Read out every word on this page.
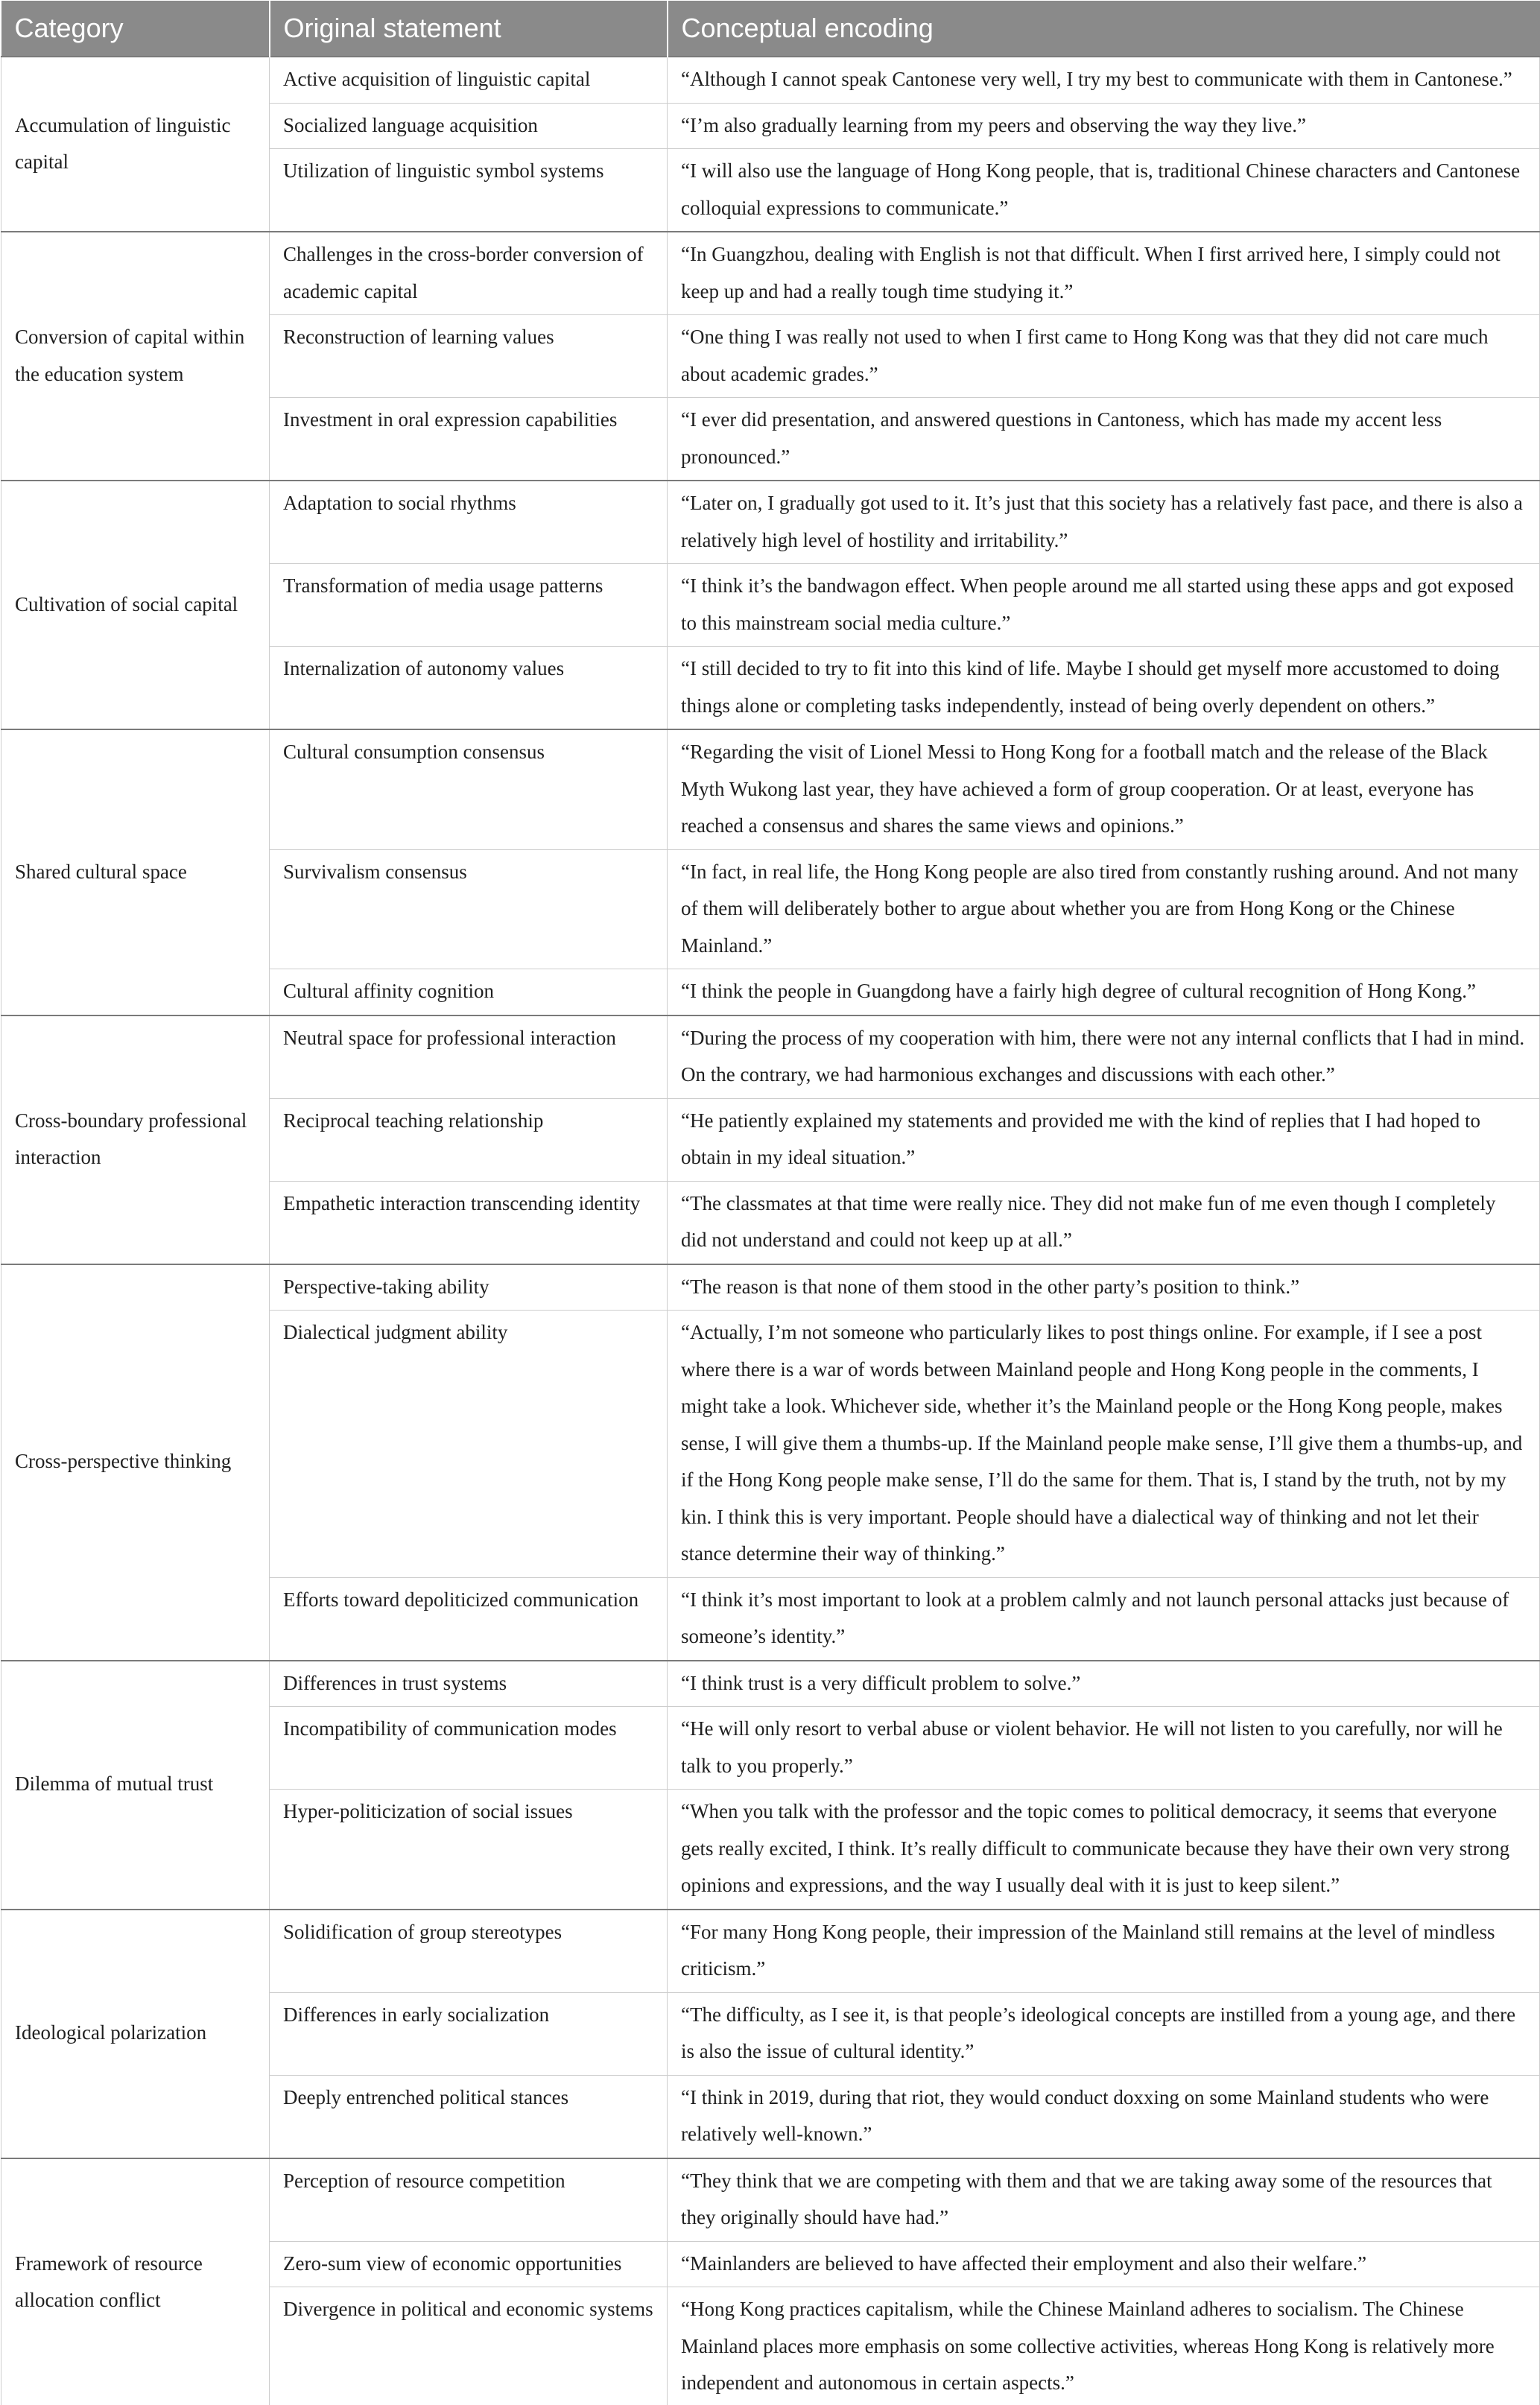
Category	Original statement	Conceptual encoding
Accumulation of linguistic capital	Active acquisition of linguistic capital	“Although I cannot speak Cantonese very well, I try my best to communicate with them in Cantonese.”
	Socialized language acquisition	“I’m also gradually learning from my peers and observing the way they live.”
	Utilization of linguistic symbol systems	“I will also use the language of Hong Kong people, that is, traditional Chinese characters and Cantonese colloquial expressions to communicate.”
Conversion of capital within the education system	Challenges in the cross-border conversion of academic capital	“In Guangzhou, dealing with English is not that difficult. When I first arrived here, I simply could not keep up and had a really tough time studying it.”
	Reconstruction of learning values	“One thing I was really not used to when I first came to Hong Kong was that they did not care much about academic grades.”
	Investment in oral expression capabilities	“I ever did presentation, and answered questions in Cantoness, which has made my accent less pronounced.”
Cultivation of social capital	Adaptation to social rhythms	“Later on, I gradually got used to it. It’s just that this society has a relatively fast pace, and there is also a relatively high level of hostility and irritability.”
	Transformation of media usage patterns	“I think it’s the bandwagon effect. When people around me all started using these apps and got exposed to this mainstream social media culture.”
	Internalization of autonomy values	“I still decided to try to fit into this kind of life. Maybe I should get myself more accustomed to doing things alone or completing tasks independently, instead of being overly dependent on others.”
Shared cultural space	Cultural consumption consensus	“Regarding the visit of Lionel Messi to Hong Kong for a football match and the release of the Black Myth Wukong last year, they have achieved a form of group cooperation. Or at least, everyone has reached a consensus and shares the same views and opinions.”
	Survivalism consensus	“In fact, in real life, the Hong Kong people are also tired from constantly rushing around. And not many of them will deliberately bother to argue about whether you are from Hong Kong or the Chinese Mainland.”
	Cultural affinity cognition	“I think the people in Guangdong have a fairly high degree of cultural recognition of Hong Kong.”
Cross-boundary professional interaction	Neutral space for professional interaction	“During the process of my cooperation with him, there were not any internal conflicts that I had in mind. On the contrary, we had harmonious exchanges and discussions with each other.”
	Reciprocal teaching relationship	“He patiently explained my statements and provided me with the kind of replies that I had hoped to obtain in my ideal situation.”
	Empathetic interaction transcending identity	“The classmates at that time were really nice. They did not make fun of me even though I completely did not understand and could not keep up at all.”
Cross-perspective thinking	Perspective-taking ability	“The reason is that none of them stood in the other party’s position to think.”
	Dialectical judgment ability	“Actually, I’m not someone who particularly likes to post things online. For example, if I see a post where there is a war of words between Mainland people and Hong Kong people in the comments, I might take a look. Whichever side, whether it’s the Mainland people or the Hong Kong people, makes sense, I will give them a thumbs-up. If the Mainland people make sense, I’ll give them a thumbs-up, and if the Hong Kong people make sense, I’ll do the same for them. That is, I stand by the truth, not by my kin. I think this is very important. People should have a dialectical way of thinking and not let their stance determine their way of thinking.”
	Efforts toward depoliticized communication	“I think it’s most important to look at a problem calmly and not launch personal attacks just because of someone’s identity.”
Dilemma of mutual trust	Differences in trust systems	“I think trust is a very difficult problem to solve.”
	Incompatibility of communication modes	“He will only resort to verbal abuse or violent behavior. He will not listen to you carefully, nor will he talk to you properly.”
	Hyper-politicization of social issues	“When you talk with the professor and the topic comes to political democracy, it seems that everyone gets really excited, I think. It’s really difficult to communicate because they have their own very strong opinions and expressions, and the way I usually deal with it is just to keep silent.”
Ideological polarization	Solidification of group stereotypes	“For many Hong Kong people, their impression of the Mainland still remains at the level of mindless criticism.”
	Differences in early socialization	“The difficulty, as I see it, is that people’s ideological concepts are instilled from a young age, and there is also the issue of cultural identity.”
	Deeply entrenched political stances	“I think in 2019, during that riot, they would conduct doxxing on some Mainland students who were relatively well-known.”
Framework of resource allocation conflict	Perception of resource competition	“They think that we are competing with them and that we are taking away some of the resources that they originally should have had.”
	Zero-sum view of economic opportunities	“Mainlanders are believed to have affected their employment and also their welfare.”
	Divergence in political and economic systems	“Hong Kong practices capitalism, while the Chinese Mainland adheres to socialism. The Chinese Mainland places more emphasis on some collective activities, whereas Hong Kong is relatively more independent and autonomous in certain aspects.”
